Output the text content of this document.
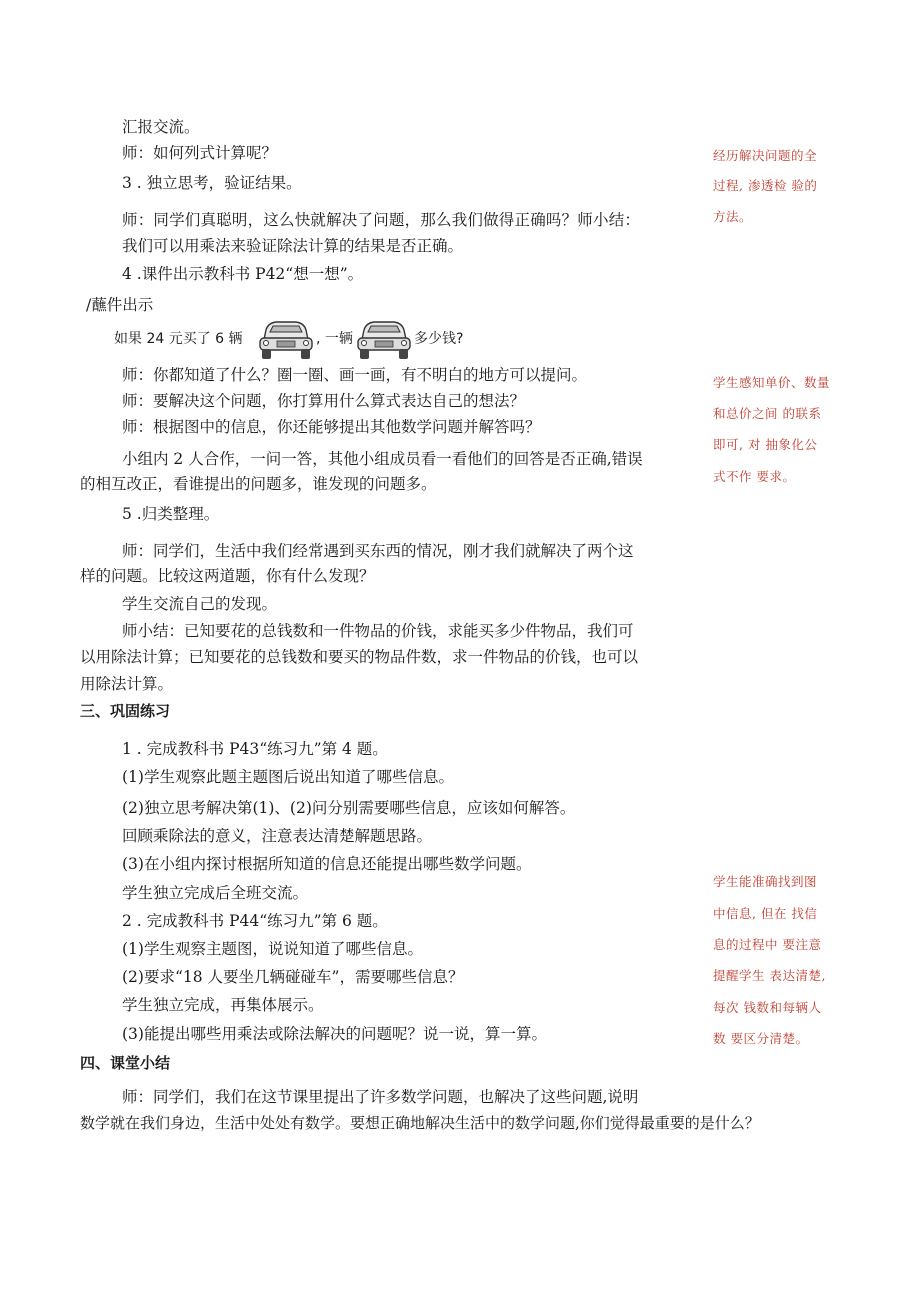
汇报交流。
师：如何列式计算呢？
3 . 独立思考，验证结果。
师：同学们真聪明，这么快就解决了问题，那么我们做得正确吗？师小结：
我们可以用乘法来验证除法计算的结果是否正确。
4 .课件出示教科书 P42“想一想”。
/蘸件出示
如果 24 元买了 6 辆	, 一辆	多少钱?
师：你都知道了什么？圈一圈、画一画，有不明白的地方可以提问。
师：要解决这个问题，你打算用什么算式表达自己的想法？
师：根据图中的信息，你还能够提出其他数学问题并解答吗？
小组内 2 人合作，一问一答，其他小组成员看一看他们的回答是否正确,错误
的相互改正，看谁提出的问题多，谁发现的问题多。
5 .归类整理。
师：同学们，生活中我们经常遇到买东西的情况，刚才我们就解决了两个这
样的问题。比较这两道题，你有什么发现？
学生交流自己的发现。
师小结：已知要花的总钱数和一件物品的价钱，求能买多少件物品，我们可
以用除法计算；已知要花的总钱数和要买的物品件数，求一件物品的价钱，也可以
用除法计算。
三、巩固练习
1 . 完成教科书 P43“练习九”第 4 题。
(1)学生观察此题主题图后说出知道了哪些信息。
(2)独立思考解决第(1)、(2)问分别需要哪些信息，应该如何解答。
回顾乘除法的意义，注意表达清楚解题思路。
(3)在小组内探讨根据所知道的信息还能提出哪些数学问题。
学生独立完成后全班交流。
2 . 完成教科书 P44“练习九”第 6 题。
(1)学生观察主题图，说说知道了哪些信息。
(2)要求“18 人要坐几辆碰碰车”，需要哪些信息？
学生独立完成，再集体展示。
(3)能提出哪些用乘法或除法解决的问题呢？说一说，算一算。
四、课堂小结
师：同学们，我们在这节课里提出了许多数学问题，也解决了这些问题,说明
数学就在我们身边，生活中处处有数学。要想正确地解决生活中的数学问题,你们觉得最重要的是什么？
经历解决问题的全
过程, 渗透检 验的
方法。
学生感知单价、数量
和总价之间 的联系
即可, 对 抽象化公
式不作 要求。
学生能准确找到图
中信息, 但在 找信
息的过程中 要注意
提醒学生 表达清楚,
每次 钱数和每辆人
数 要区分清楚。
